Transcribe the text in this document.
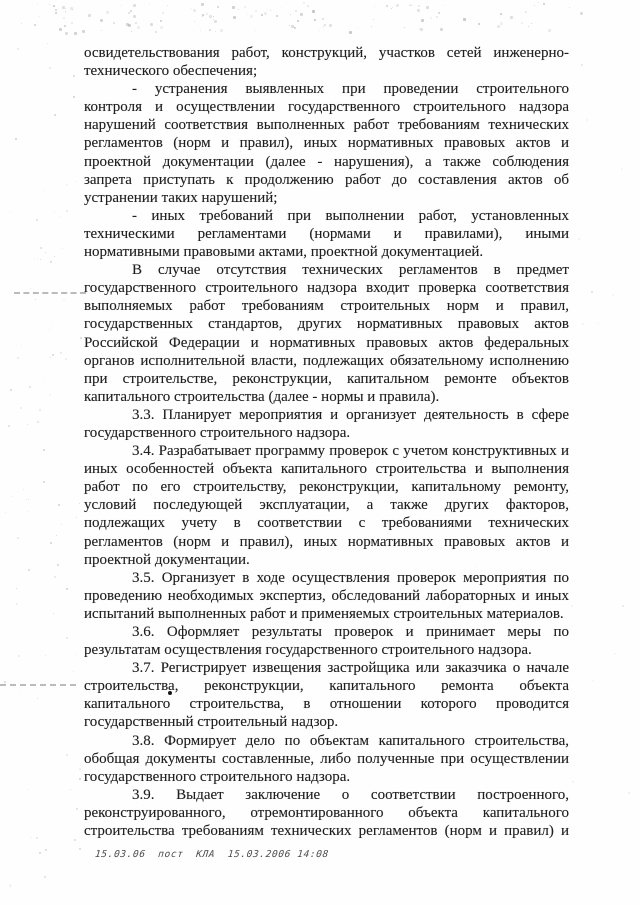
освидетельствования работ, конструкций, участков сетей инженерно-
технического обеспечения;
- устранения выявленных при проведении строительного
контроля и осуществлении государственного строительного надзора
нарушений соответствия выполненных работ требованиям технических
регламентов (норм и правил), иных нормативных правовых актов и
проектной документации (далее - нарушения), а также соблюдения
запрета приступать к продолжению работ до составления актов об
устранении таких нарушений;
- иных требований при выполнении работ, установленных
техническими регламентами (нормами и правилами), иными
нормативными правовыми актами, проектной документацией.
В случае отсутствия технических регламентов в предмет
государственного строительного надзора входит проверка соответствия
выполняемых работ требованиям строительных норм и правил,
государственных стандартов, других нормативных правовых актов
Российской Федерации и нормативных правовых актов федеральных
органов исполнительной власти, подлежащих обязательному исполнению
при строительстве, реконструкции, капитальном ремонте объектов
капитального строительства (далее - нормы и правила).
3.3. Планирует мероприятия и организует деятельность в сфере
государственного строительного надзора.
3.4. Разрабатывает программу проверок с учетом конструктивных и
иных особенностей объекта капитального строительства и выполнения
работ по его строительству, реконструкции, капитальному ремонту,
условий последующей эксплуатации, а также других факторов,
подлежащих учету в соответствии с требованиями технических
регламентов (норм и правил), иных нормативных правовых актов и
проектной документации.
3.5. Организует в ходе осуществления проверок мероприятия по
проведению необходимых экспертиз, обследований лабораторных и иных
испытаний выполненных работ и применяемых строительных материалов.
3.6. Оформляет результаты проверок и принимает меры по
результатам осуществления государственного строительного надзора.
3.7. Регистрирует извещения застройщика или заказчика о начале
строительства, реконструкции, капитального ремонта объекта
капитального строительства, в отношении которого проводится
государственный строительный надзор.
3.8. Формирует дело по объектам капитального строительства,
обобщая документы составленные, либо полученные при осуществлении
государственного строительного надзора.
3.9. Выдает заключение о соответствии построенного,
реконструированного, отремонтированного объекта капитального
строительства требованиям технических регламентов (норм и правил) и
15.03.06  пост  КЛА  15.03.2006 14:08
